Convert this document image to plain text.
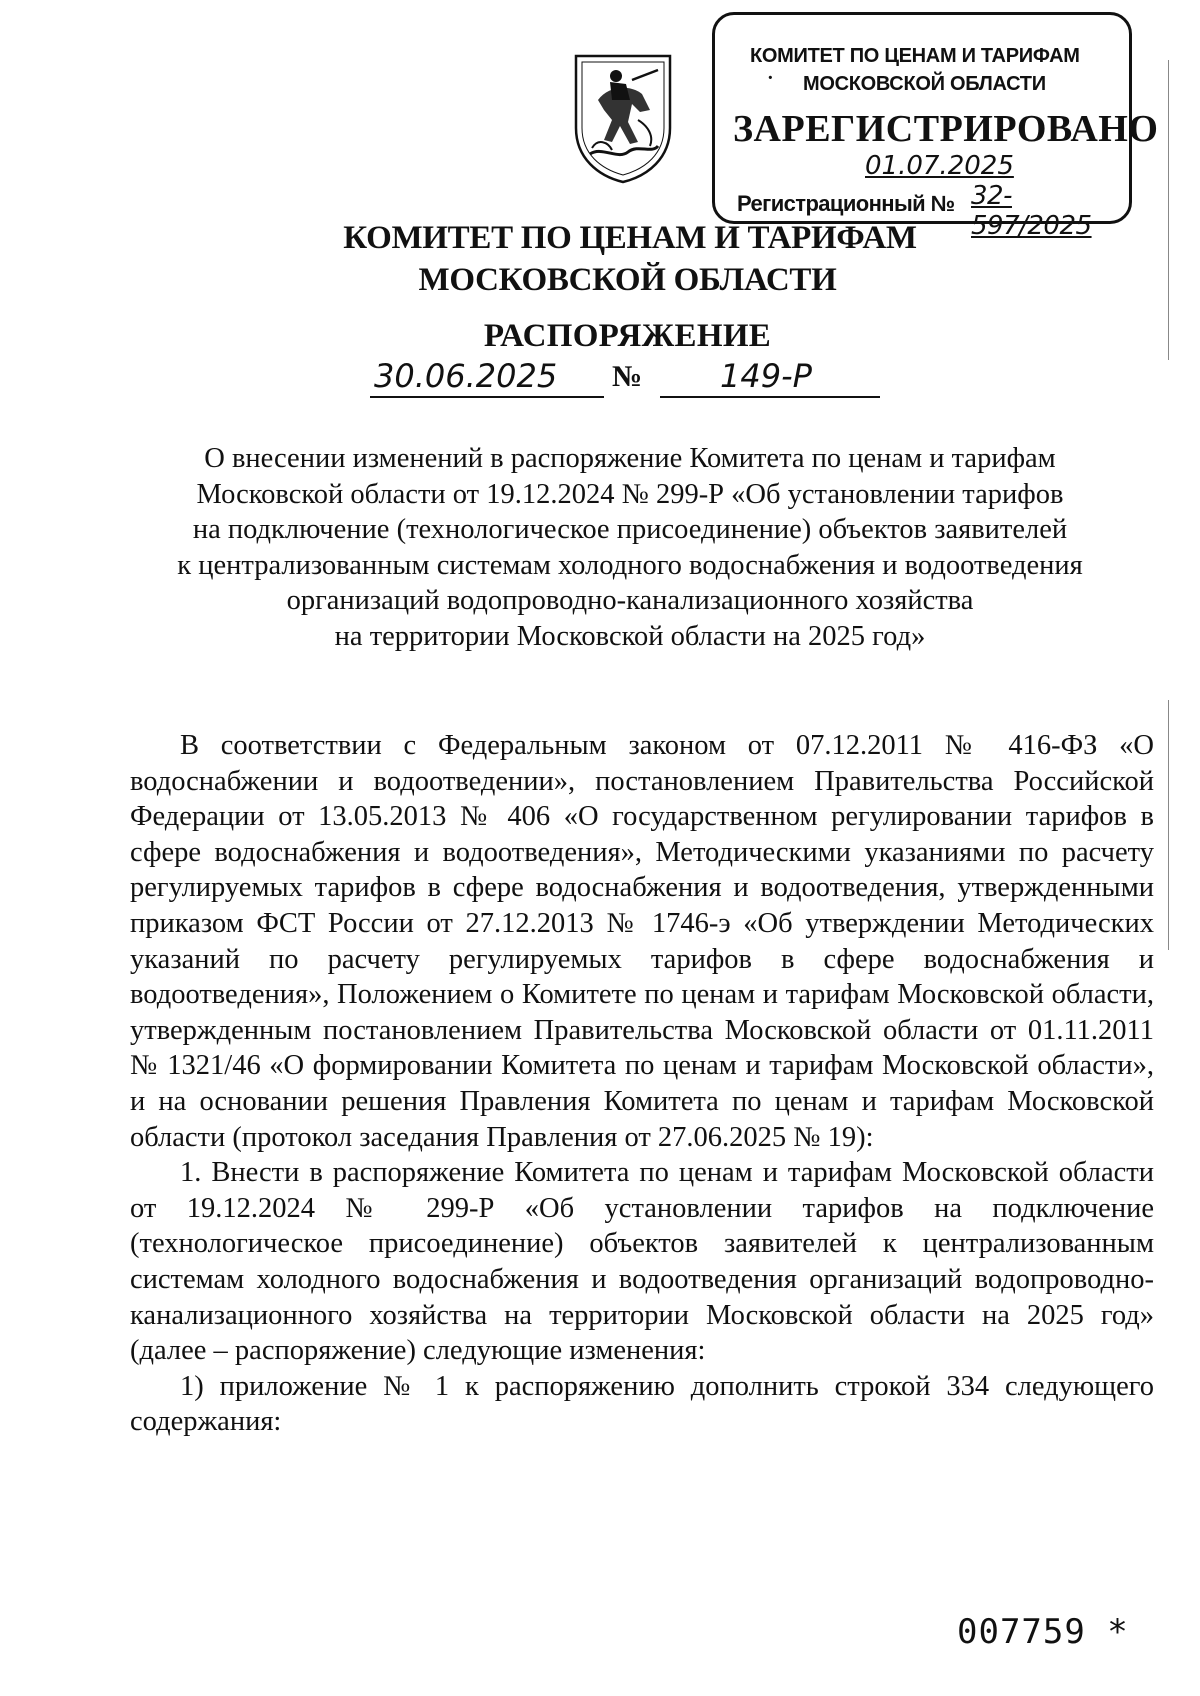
КОМИТЕТ ПО ЦЕНАМ И ТАРИФАМ
· МОСКОВСКОЙ ОБЛАСТИ
ЗАРЕГИСТРИРОВАНО
01.07.2025
Регистрационный № 32-597/2025
КОМИТЕТ ПО ЦЕНАМ И ТАРИФАМ
МОСКОВСКОЙ ОБЛАСТИ
РАСПОРЯЖЕНИЕ
30.06.2025	№	149-Р
О внесении изменений в распоряжение Комитета по ценам и тарифам
Московской области от 19.12.2024 № 299-Р «Об установлении тарифов
на подключение (технологическое присоединение) объектов заявителей
к централизованным системам холодного водоснабжения и водоотведения
организаций водопроводно-канализационного хозяйства
на территории Московской области на 2025 год»
В соответствии с Федеральным законом от 07.12.2011 № 416-ФЗ «О водоснабжении и водоотведении», постановлением Правительства Российской Федерации от 13.05.2013 № 406 «О государственном регулировании тарифов в сфере водоснабжения и водоотведения», Методическими указаниями по расчету регулируемых тарифов в сфере водоснабжения и водоотведения, утвержденными приказом ФСТ России от 27.12.2013 № 1746-э «Об утверждении Методических указаний по расчету регулируемых тарифов в сфере водоснабжения и водоотведения», Положением о Комитете по ценам и тарифам Московской области, утвержденным постановлением Правительства Московской области от 01.11.2011 № 1321/46 «О формировании Комитета по ценам и тарифам Московской области», и на основании решения Правления Комитета по ценам и тарифам Московской области (протокол заседания Правления от 27.06.2025 № 19):
1. Внести в распоряжение Комитета по ценам и тарифам Московской области от 19.12.2024 № 299-Р «Об установлении тарифов на подключение (технологическое присоединение) объектов заявителей к централизованным системам холодного водоснабжения и водоотведения организаций водопроводно-канализационного хозяйства на территории Московской области на 2025 год» (далее – распоряжение) следующие изменения:
1) приложение № 1 к распоряжению дополнить строкой 334 следующего содержания:
007759 *
